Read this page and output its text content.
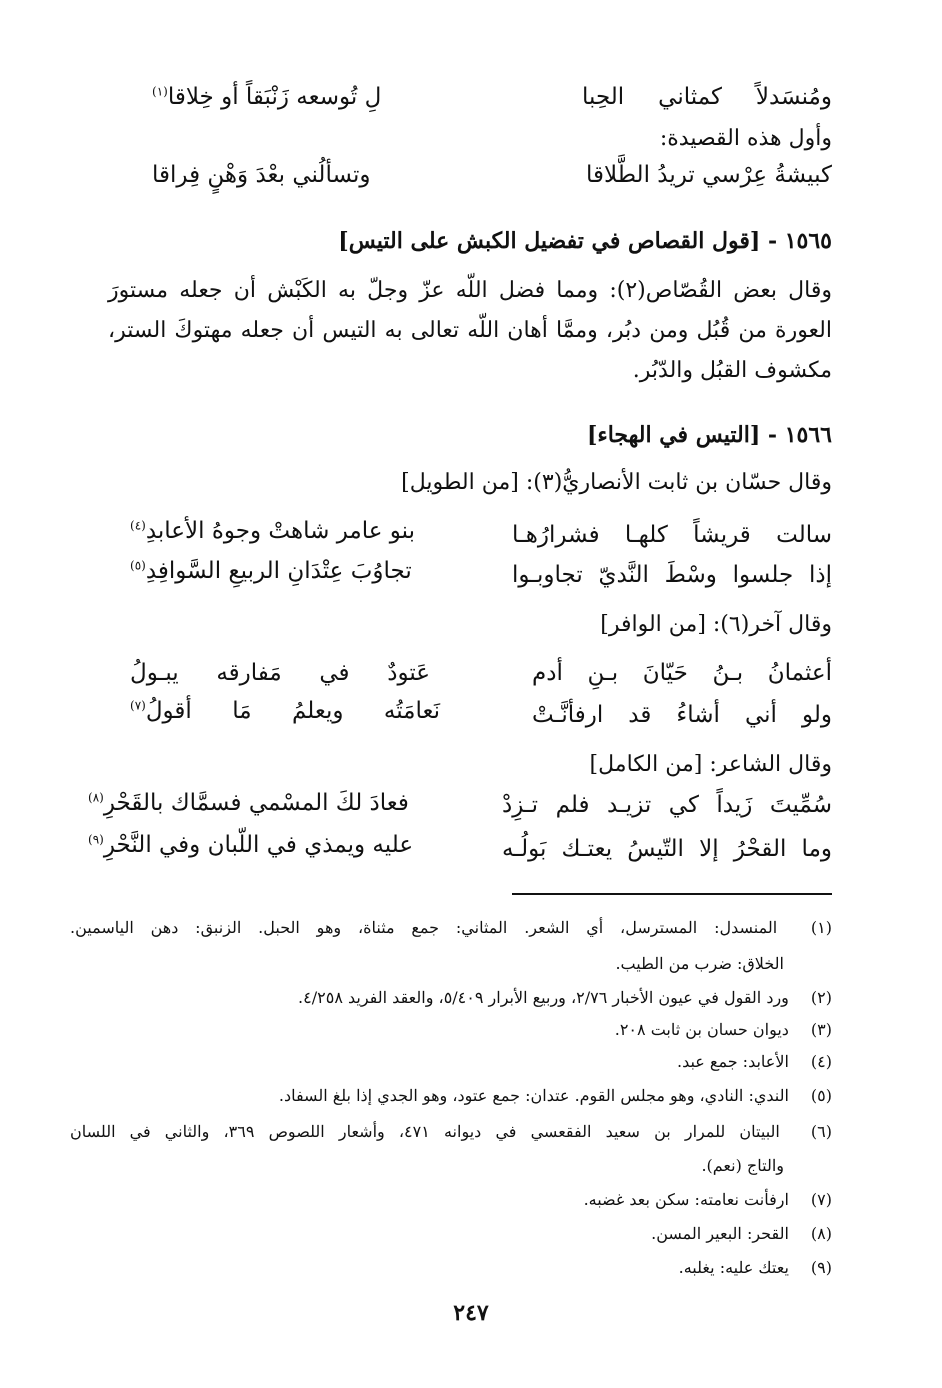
ومُنسَدلاً كمثاني الحِبا
لِ تُوسعه زَنْبَقاً أو خِلاقا$^{(١)}$
وأول هذه القصيدة:
كبيشةُ عِرْسي تريدُ الطَّلاقا
وتسألُني بعْدَ وَهْنٍ فِراقا
١٥٦٥ - [قول القصاص في تفضيل الكبش على التيس]
وقال بعض القُصّاص(٢): ومما فضل اللّه عزّ وجلّ به الكَبْش أن جعله مستورَ
العورة من قُبُل ومن دبُر، وممَّا أهان اللّه تعالى به التيس أن جعله مهتوكَ الستر،
مكشوف القبُل والدّبُر.
١٥٦٦ - [التيس في الهجاء]
وقال حسّان بن ثابت الأنصاريُّ(٣): [من الطويل]
سالت قريشاً كلهـا فشرارُهـا
بنو عامر شاهتْ وجوهُ الأعابدِ$^{(٤)}$
إذا جلسوا وسْطَ النَّديّ تجاوبـوا
تجاوُبَ عِتْدَانِ الربيعِ السَّوافِدِ$^{(٥)}$
وقال آخر(٦): [من الوافر]
أعثمانُ بـنُ حَيّانَ بـنِ أدم
عَتودٌ في مَفارقه يبـولُ
ولو أني أشاءُ قد ارفأنَّـتْ
نَعامَتُه ويعلمُ مَا أقولُ$^{(٧)}$
وقال الشاعر: [من الكامل]
سُمِّيتَ زَيداً كي تزيـد فلم تـزِدْ
فعادَ لكَ المسْمي فسمَّاك بالقَحْرِ$^{(٨)}$
وما القحْرُ إلا التّيسُ يعتـك بَولُـه
عليه ويمذي في اللّبان وفي النَّحْرِ$^{(٩)}$
(١) المنسدل: المسترسل، أي الشعر. المثاني: جمع مثناة، وهو الحبل. الزنبق: دهن الياسمين.
الخلاق: ضرب من الطيب.
(٢) ورد القول في عيون الأخبار ٢/٧٦، وربيع الأبرار ٥/٤٠٩، والعقد الفريد ٤/٢٥٨.
(٣) ديوان حسان بن ثابت ٢٠٨.
(٤) الأعابد: جمع عبد.
(٥) الندي: النادي، وهو مجلس القوم. عتدان: جمع عتود، وهو الجدي إذا بلغ السفاد.
(٦) البيتان للمرار بن سعيد الفقعسي في ديوانه ٤٧١، وأشعار اللصوص ٣٦٩، والثاني في اللسان
والتاج (نعم).
(٧) ارفأنت نعامته: سكن بعد غضبه.
(٨) القحر: البعير المسن.
(٩) يعتك عليه: يغلبه.
٢٤٧
